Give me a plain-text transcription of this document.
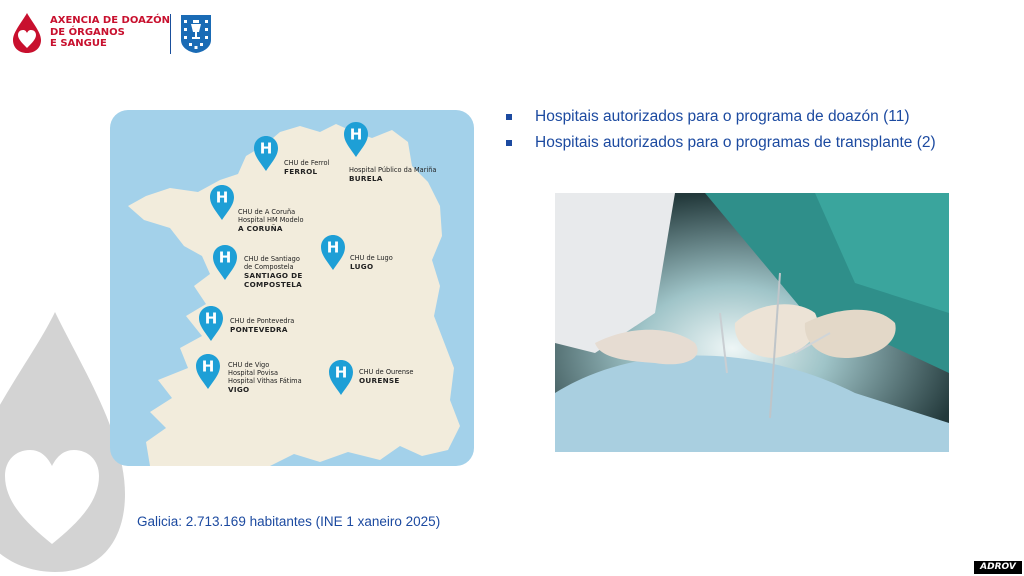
AXENCIA DE DOAZÓN
DE ÓRGANOS
E SANGUE
H
CHU de Ferrol
FERROL
H
Hospital Público da Mariña
BURELA
H
CHU de A Coruña
Hospital HM Modelo
A CORUÑA
H CHU de Santiago
de Compostela
SANTIAGO DE
COMPOSTELA
H
CHU de Lugo
LUGO
H CHU de Pontevedra
PONTEVEDRA
H CHU de Vigo
Hospital Povisa
Hospital Vithas Fátima
VIGO
H CHU de Ourense
OURENSE
Hospitais autorizados para o programa de doazón (11)
Hospitais autorizados para o programas de transplante (2)
Galicia: 2.713.169 habitantes (INE 1 xaneiro 2025)
ADROV
